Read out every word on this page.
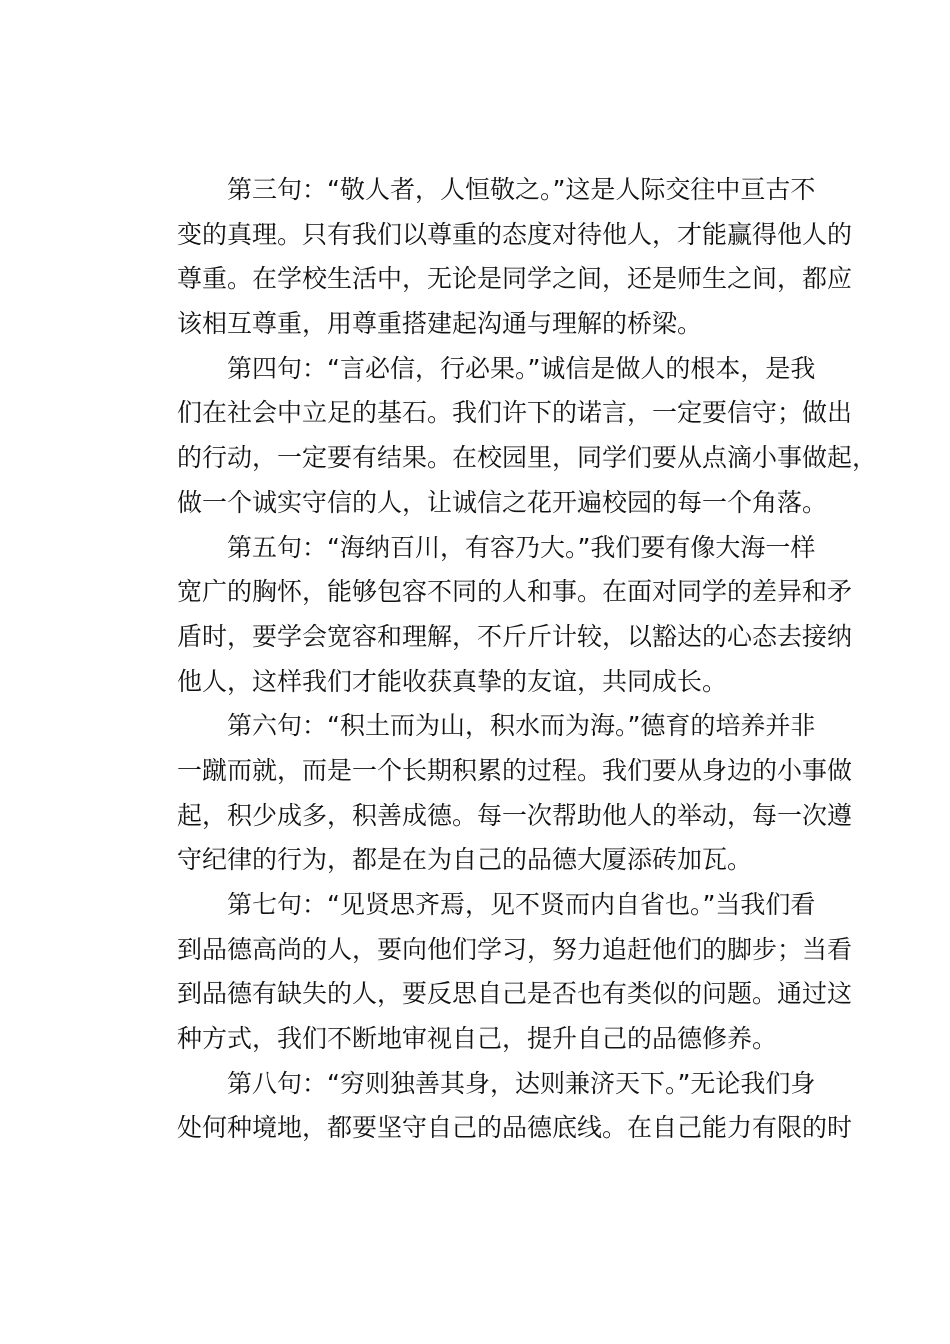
第三句：“敬人者，人恒敬之。”这是人际交往中亘古不
变的真理。只有我们以尊重的态度对待他人，才能赢得他人的
尊重。在学校生活中，无论是同学之间，还是师生之间，都应
该相互尊重，用尊重搭建起沟通与理解的桥梁。
第四句：“言必信，行必果。”诚信是做人的根本，是我
们在社会中立足的基石。我们许下的诺言，一定要信守；做出
的行动，一定要有结果。在校园里，同学们要从点滴小事做起，
做一个诚实守信的人，让诚信之花开遍校园的每一个角落。
第五句：“海纳百川，有容乃大。”我们要有像大海一样
宽广的胸怀，能够包容不同的人和事。在面对同学的差异和矛
盾时，要学会宽容和理解，不斤斤计较，以豁达的心态去接纳
他人，这样我们才能收获真挚的友谊，共同成长。
第六句：“积土而为山，积水而为海。”德育的培养并非
一蹴而就，而是一个长期积累的过程。我们要从身边的小事做
起，积少成多，积善成德。每一次帮助他人的举动，每一次遵
守纪律的行为，都是在为自己的品德大厦添砖加瓦。
第七句：“见贤思齐焉，见不贤而内自省也。”当我们看
到品德高尚的人，要向他们学习，努力追赶他们的脚步；当看
到品德有缺失的人，要反思自己是否也有类似的问题。通过这
种方式，我们不断地审视自己，提升自己的品德修养。
第八句：“穷则独善其身，达则兼济天下。”无论我们身
处何种境地，都要坚守自己的品德底线。在自己能力有限的时
